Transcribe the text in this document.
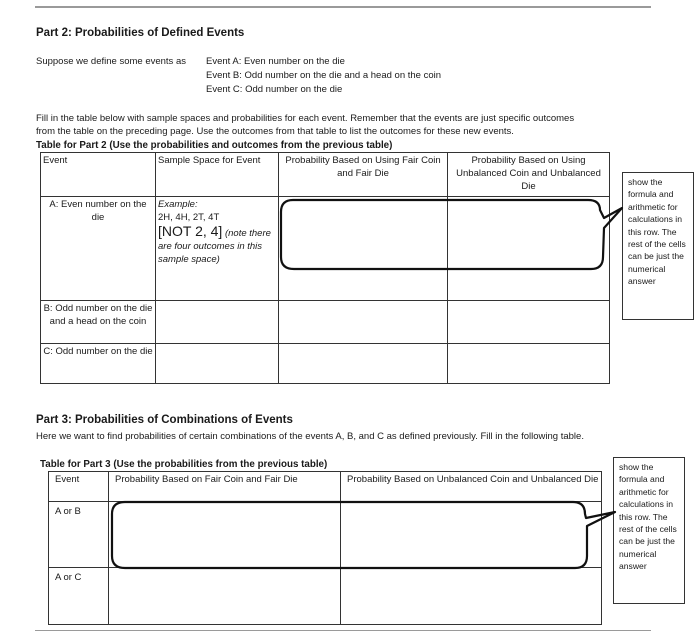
Part 2: Probabilities of Defined Events
Suppose we define some events as Event A: Even number on the die
Event B: Odd number on the die and a head on the coin
Event C: Odd number on the die
Fill in the table below with sample spaces and probabilities for each event. Remember that the events are just specific outcomes
from the table on the preceding page. Use the outcomes from that table to list the outcomes for these new events.
Table for Part 2 (Use the probabilities and outcomes from the previous table)
Event	Sample Space for Event	Probability Based on Using Fair Coin and Fair Die	Probability Based on Using Unbalanced Coin and Unbalanced Die
A: Even number on the die	Example:
2H, 4H, 2T, 4T
[NOT 2, 4] (note there are four outcomes in this sample space)		

B: Odd number on the die and a head on the coin			
C: Odd number on the die			
show the formula and arithmetic for calculations in this row. The rest of the cells can be just the numerical answer
Part 3: Probabilities of Combinations of Events
Here we want to find probabilities of certain combinations of the events A, B, and C as defined previously. Fill in the following table.
Table for Part 3 (Use the probabilities from the previous table)
Event	Probability Based on Fair Coin and Fair Die	Probability Based on Unbalanced Coin and Unbalanced Die
A or B		
A or C		
show the formula and arithmetic for calculations in this row. The rest of the cells can be just the numerical answer
